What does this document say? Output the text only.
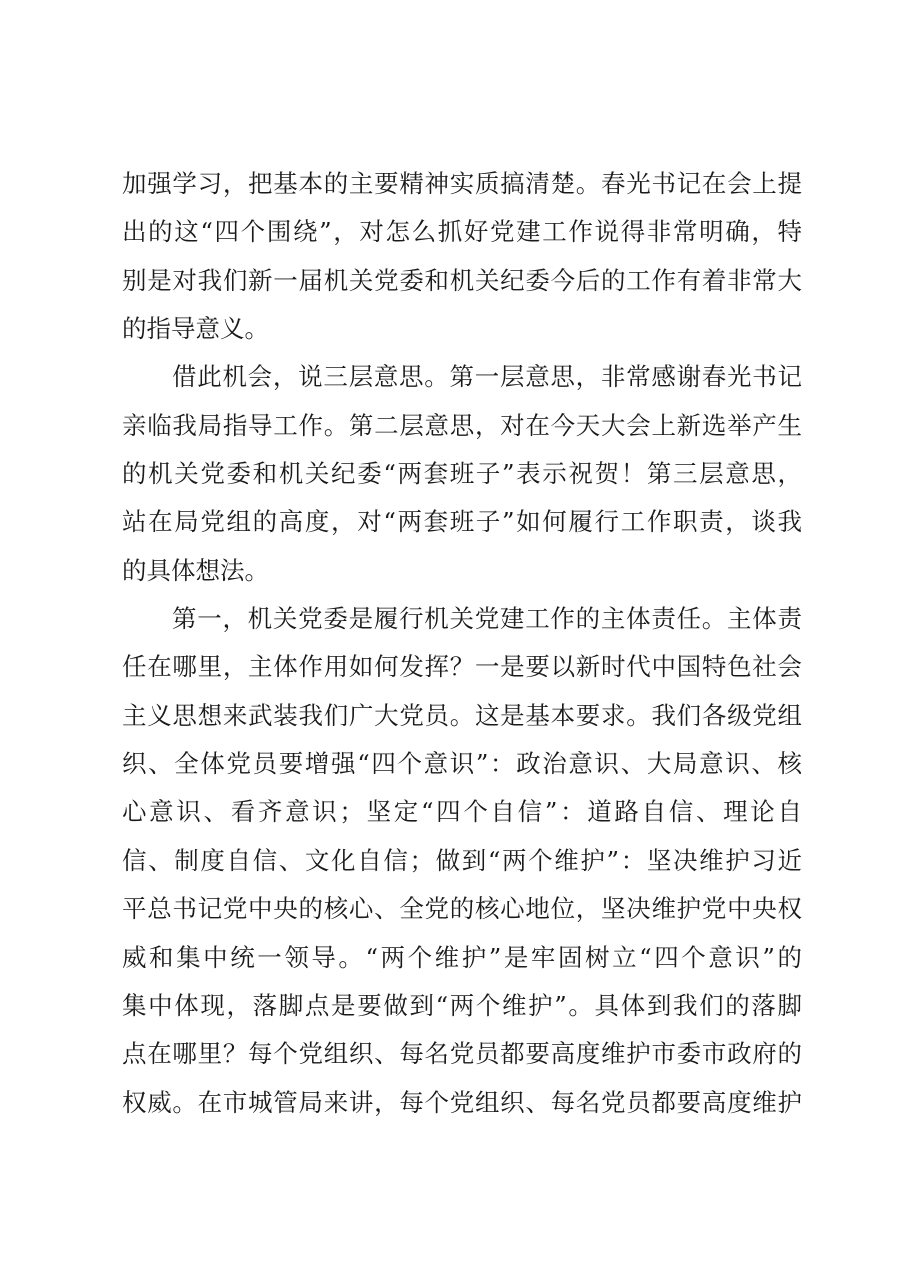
加强学习，把基本的主要精神实质搞清楚。春光书记在会上提
出的这“四个围绕”，对怎么抓好党建工作说得非常明确，特
别是对我们新一届机关党委和机关纪委今后的工作有着非常大
的指导意义。
借此机会，说三层意思。第一层意思，非常感谢春光书记
亲临我局指导工作。第二层意思，对在今天大会上新选举产生
的机关党委和机关纪委“两套班子”表示祝贺！第三层意思，
站在局党组的高度，对“两套班子”如何履行工作职责，谈我
的具体想法。
第一，机关党委是履行机关党建工作的主体责任。主体责
任在哪里，主体作用如何发挥？一是要以新时代中国特色社会
主义思想来武装我们广大党员。这是基本要求。我们各级党组
织、全体党员要增强“四个意识”：政治意识、大局意识、核
心意识、看齐意识；坚定“四个自信”：道路自信、理论自
信、制度自信、文化自信；做到“两个维护”：坚决维护习近
平总书记党中央的核心、全党的核心地位，坚决维护党中央权
威和集中统一领导。“两个维护”是牢固树立“四个意识”的
集中体现，落脚点是要做到“两个维护”。具体到我们的落脚
点在哪里？每个党组织、每名党员都要高度维护市委市政府的
权威。在市城管局来讲，每个党组织、每名党员都要高度维护
